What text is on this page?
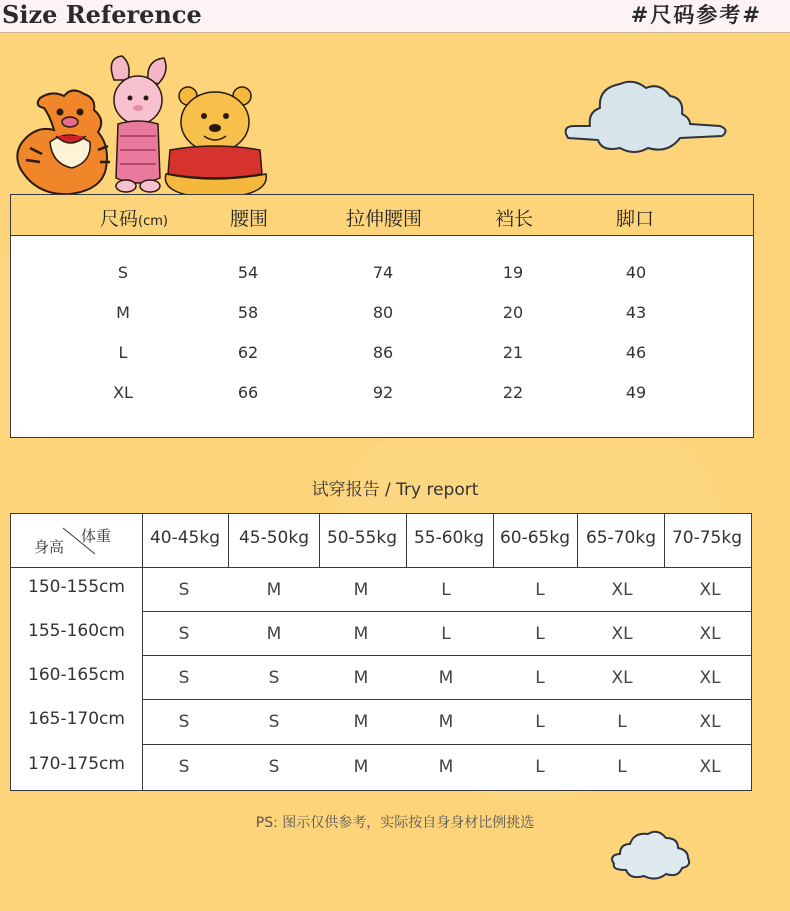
Size Reference	#尺码参考#
尺码(cm)	腰围	拉伸腰围	裆长	脚口
S	54	74	19	40
M	58	80	20	43
L	62	86	21	46
XL	66	92	22	49
试穿报告 / Try report
身高
体重 40-45kg 45-50kg 50-55kg 55-60kg 60-65kg 65-70kg 70-75kg
150-155cm	S	M	M	L	L	XL	XL
155-160cm	S	M	M	L	L	XL	XL
160-165cm	S	S	M	M	L	XL	XL
165-170cm	S	S	M	M	L	L	XL
170-175cm	S	S	M	M	L	L	XL
PS: 图示仅供参考，实际按自身身材比例挑选
